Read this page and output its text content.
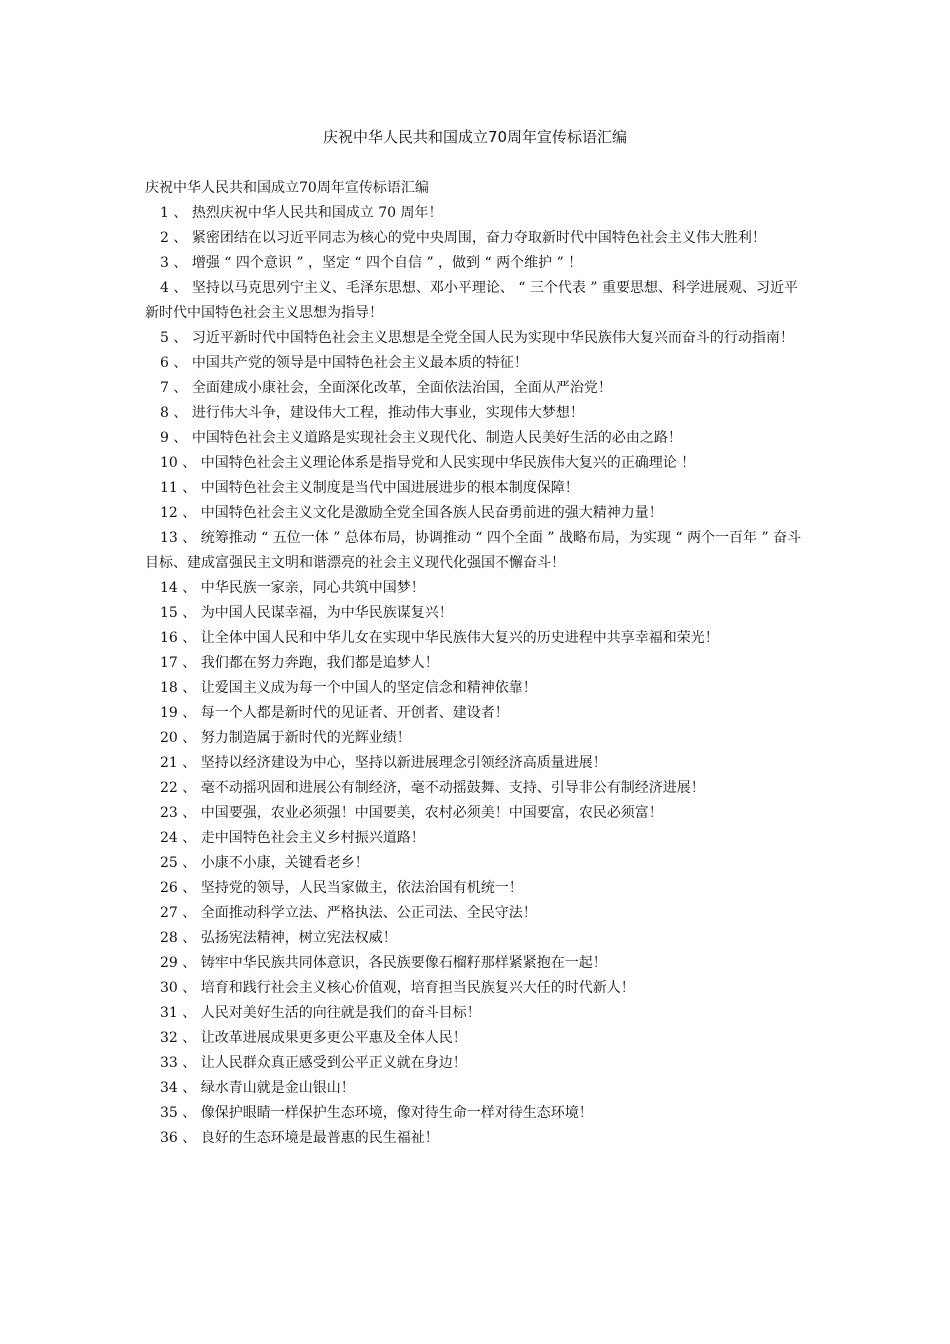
庆祝中华人民共和国成立70周年宣传标语汇编

庆祝中华人民共和国成立70周年宣传标语汇编

1 、 热烈庆祝中华人民共和国成立 70 周年！
2 、 紧密团结在以习近平同志为核心的党中央周围，奋力夺取新时代中国特色社会主义伟大胜利！
3 、 增强 “ 四个意识 ” ，坚定 “ 四个自信 ” ，做到 “ 两个维护 ” ！
4 、 坚持以马克思列宁主义、毛泽东思想、邓小平理论、 “ 三个代表 ” 重要思想、科学进展观、习近平新时代中国特色社会主义思想为指导！
5 、 习近平新时代中国特色社会主义思想是全党全国人民为实现中华民族伟大复兴而奋斗的行动指南！
6 、 中国共产党的领导是中国特色社会主义最本质的特征！
7 、 全面建成小康社会，全面深化改革，全面依法治国，全面从严治党！
8 、 进行伟大斗争，建设伟大工程，推动伟大事业，实现伟大梦想！
9 、 中国特色社会主义道路是实现社会主义现代化、制造人民美好生活的必由之路！
10 、 中国特色社会主义理论体系是指导党和人民实现中华民族伟大复兴的正确理论 ！
11 、 中国特色社会主义制度是当代中国进展进步的根本制度保障！
12 、 中国特色社会主义文化是激励全党全国各族人民奋勇前进的强大精神力量！
13 、 统筹推动 “ 五位一体 ” 总体布局，协调推动 “ 四个全面 ” 战略布局，为实现 “ 两个一百年 ” 奋斗目标、建成富强民主文明和谐漂亮的社会主义现代化强国不懈奋斗！
14 、 中华民族一家亲，同心共筑中国梦！
15 、 为中国人民谋幸福，为中华民族谋复兴！
16 、 让全体中国人民和中华儿女在实现中华民族伟大复兴的历史进程中共享幸福和荣光！
17 、 我们都在努力奔跑，我们都是追梦人！
18 、 让爱国主义成为每一个中国人的坚定信念和精神依靠！
19 、 每一个人都是新时代的见证者、开创者、建设者！
20 、 努力制造属于新时代的光辉业绩！
21 、 坚持以经济建设为中心，坚持以新进展理念引领经济高质量进展！
22 、 毫不动摇巩固和进展公有制经济，毫不动摇鼓舞、支持、引导非公有制经济进展！
23 、 中国要强，农业必须强！中国要美，农村必须美！中国要富，农民必须富！
24 、 走中国特色社会主义乡村振兴道路！
25 、 小康不小康，关键看老乡！
26 、 坚持党的领导，人民当家做主，依法治国有机统一！
27 、 全面推动科学立法、严格执法、公正司法、全民守法！
28 、 弘扬宪法精神，树立宪法权威！
29 、 铸牢中华民族共同体意识，各民族要像石榴籽那样紧紧抱在一起！
30 、 培育和践行社会主义核心价值观，培育担当民族复兴大任的时代新人！
31 、 人民对美好生活的向往就是我们的奋斗目标！
32 、 让改革进展成果更多更公平惠及全体人民！
33 、 让人民群众真正感受到公平正义就在身边！
34 、 绿水青山就是金山银山！
35 、 像保护眼睛一样保护生态环境，像对待生命一样对待生态环境！
36 、 良好的生态环境是最普惠的民生福祉！
